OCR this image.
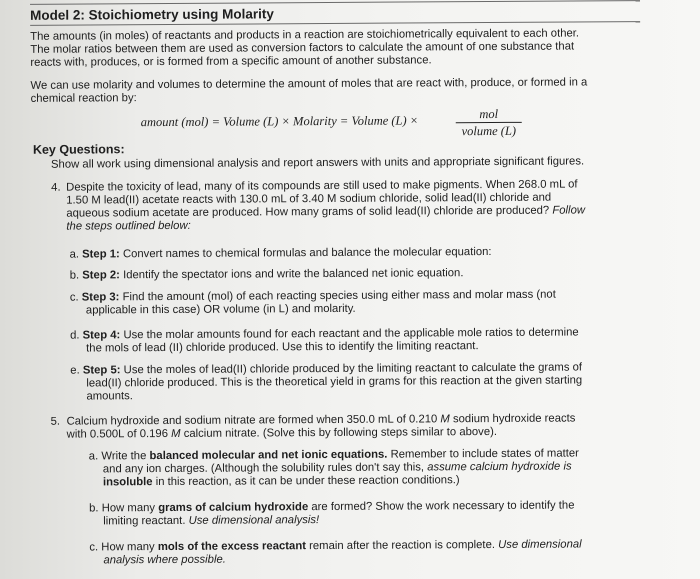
Model 2: Stoichiometry using Molarity
The amounts (in moles) of reactants and products in a reaction are stoichiometrically equivalent to each other.
The molar ratios between them are used as conversion factors to calculate the amount of one substance that
reacts with, produces, or is formed from a specific amount of another substance.
We can use molarity and volumes to determine the amount of moles that are react with, produce, or formed in a
chemical reaction by:
amount (mol) = Volume (L) × Molarity = Volume (L) ×	mol
volume (L)
Key Questions:
Show all work using dimensional analysis and report answers with units and appropriate significant figures.
4. Despite the toxicity of lead, many of its compounds are still used to make pigments. When 268.0 mL of
1.50 M lead(II) acetate reacts with 130.0 mL of 3.40 M sodium chloride, solid lead(II) chloride and
aqueous sodium acetate are produced. How many grams of solid lead(II) chloride are produced? Follow
the steps outlined below:
a. Step 1: Convert names to chemical formulas and balance the molecular equation:
b. Step 2: Identify the spectator ions and write the balanced net ionic equation.
c. Step 3: Find the amount (mol) of each reacting species using either mass and molar mass (not
applicable in this case) OR volume (in L) and molarity.
d. Step 4: Use the molar amounts found for each reactant and the applicable mole ratios to determine
the mols of lead (II) chloride produced. Use this to identify the limiting reactant.
e. Step 5: Use the moles of lead(II) chloride produced by the limiting reactant to calculate the grams of
lead(II) chloride produced. This is the theoretical yield in grams for this reaction at the given starting
amounts.
5. Calcium hydroxide and sodium nitrate are formed when 350.0 mL of 0.210 M sodium hydroxide reacts
with 0.500L of 0.196 M calcium nitrate. (Solve this by following steps similar to above).
a. Write the balanced molecular and net ionic equations. Remember to include states of matter
and any ion charges. (Although the solubility rules don't say this, assume calcium hydroxide is
insoluble in this reaction, as it can be under these reaction conditions.)
b. How many grams of calcium hydroxide are formed? Show the work necessary to identify the
limiting reactant. Use dimensional analysis!
c. How many mols of the excess reactant remain after the reaction is complete. Use dimensional
analysis where possible.
